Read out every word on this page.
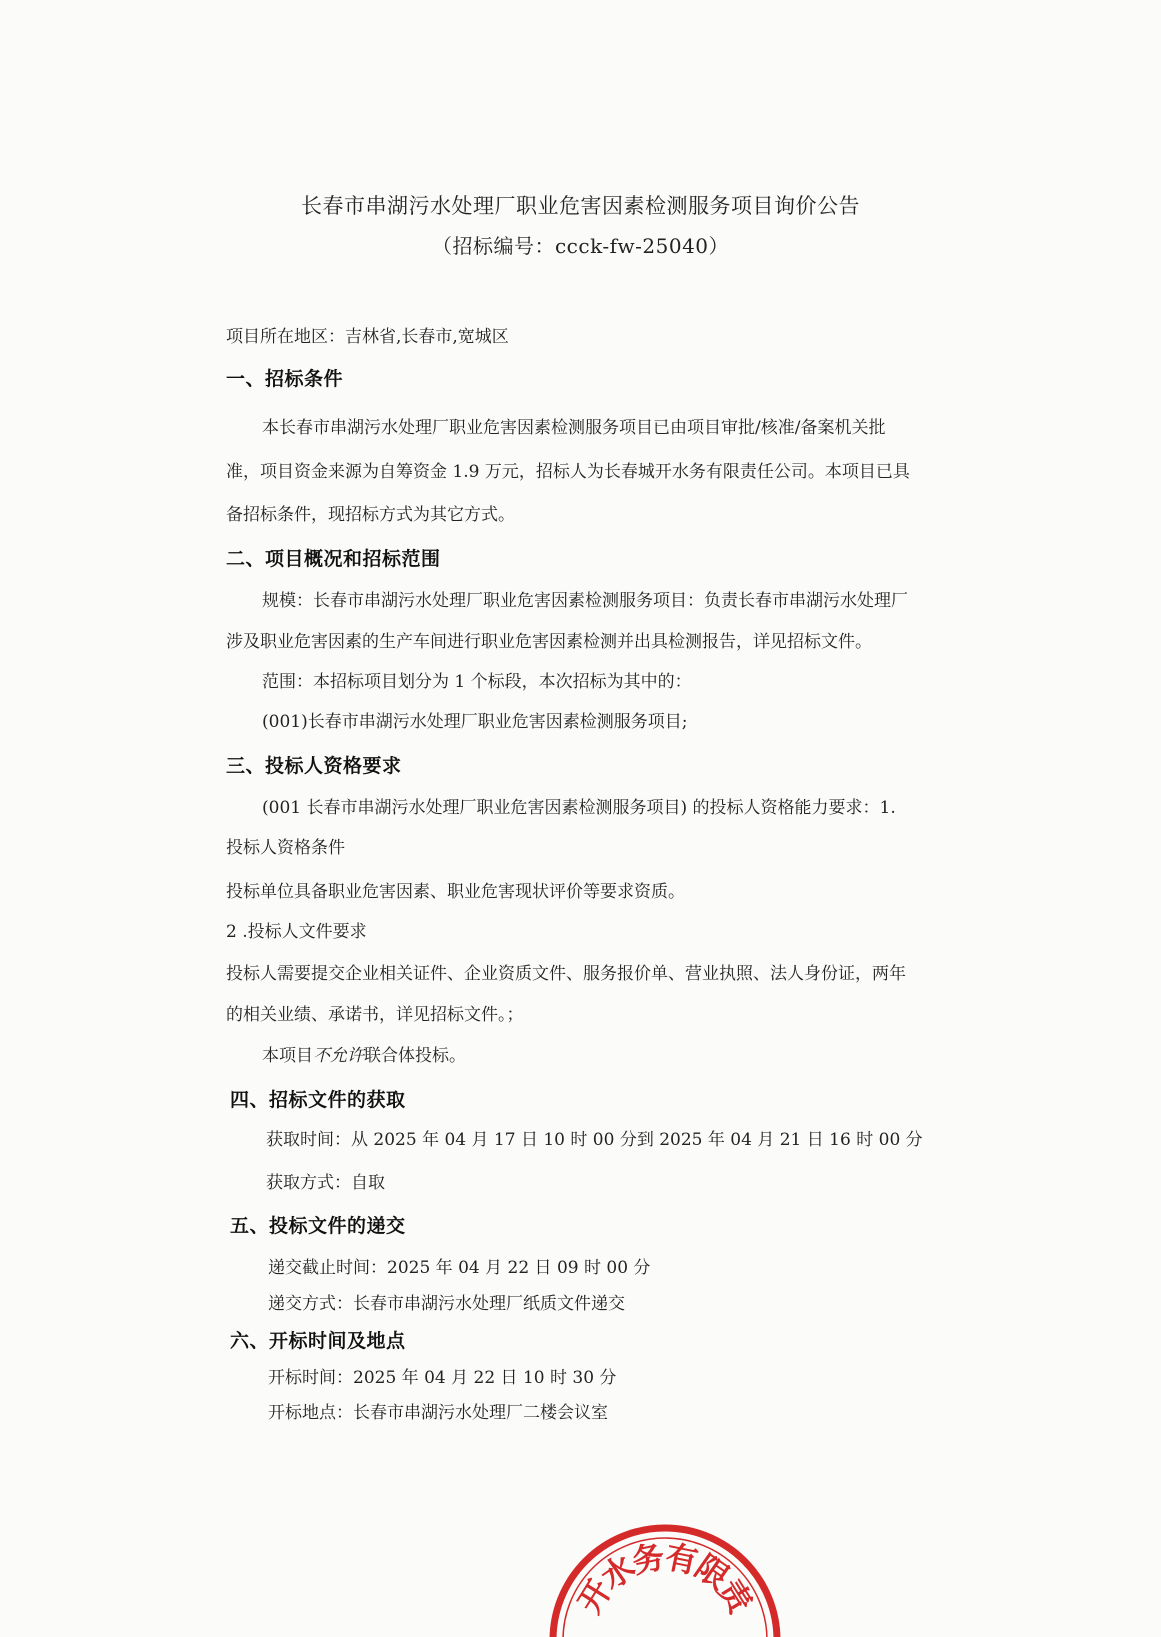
长春市串湖污水处理厂职业危害因素检测服务项目询价公告
（招标编号：ccck-fw-25040）
项目所在地区：吉林省,长春市,宽城区
一、招标条件
本长春市串湖污水处理厂职业危害因素检测服务项目已由项目审批/核准/备案机关批
准，项目资金来源为自筹资金 1.9 万元，招标人为长春城开水务有限责任公司。本项目已具
备招标条件，现招标方式为其它方式。
二、项目概况和招标范围
规模：长春市串湖污水处理厂职业危害因素检测服务项目：负责长春市串湖污水处理厂
涉及职业危害因素的生产车间进行职业危害因素检测并出具检测报告，详见招标文件。
范围：本招标项目划分为 1 个标段，本次招标为其中的：
(001)长春市串湖污水处理厂职业危害因素检测服务项目;
三、投标人资格要求
(001 长春市串湖污水处理厂职业危害因素检测服务项目) 的投标人资格能力要求：1.
投标人资格条件
投标单位具备职业危害因素、职业危害现状评价等要求资质。
2 .投标人文件要求
投标人需要提交企业相关证件、企业资质文件、服务报价单、营业执照、法人身份证，两年
的相关业绩、承诺书，详见招标文件。；
本项目不允许联合体投标。
四、招标文件的获取
获取时间：从 2025 年 04 月 17 日 10 时 00 分到 2025 年 04 月 21 日 16 时 00 分
获取方式：自取
五、投标文件的递交
递交截止时间：2025 年 04 月 22 日 09 时 00 分
递交方式：长春市串湖污水处理厂纸质文件递交
六、开标时间及地点
开标时间：2025 年 04 月 22 日 10 时 30 分
开标地点：长春市串湖污水处理厂二楼会议室
开
水
务
有
限
责
